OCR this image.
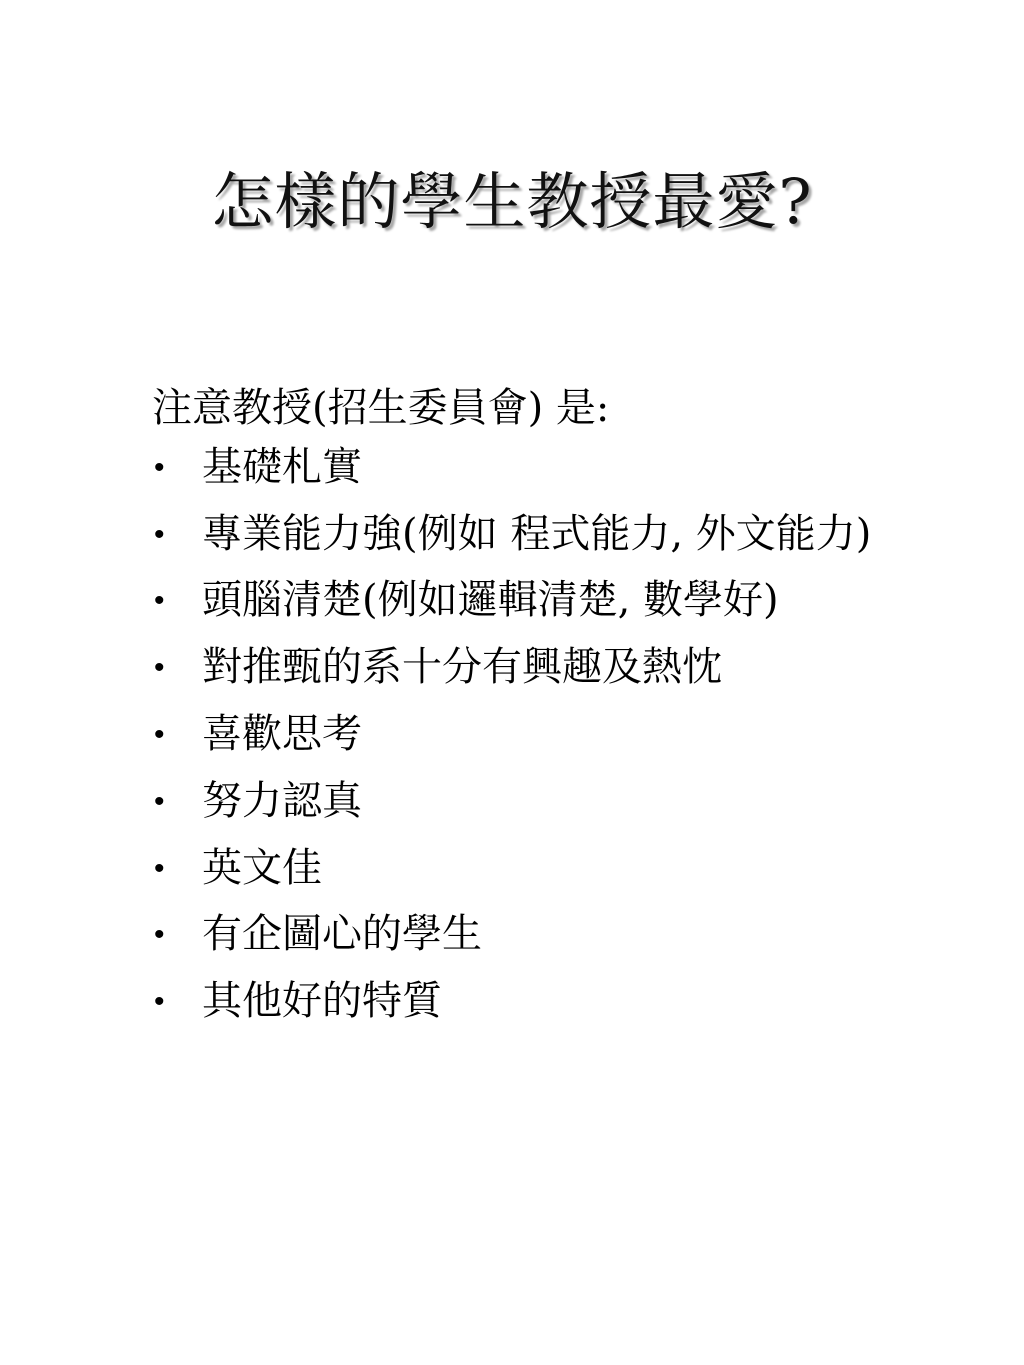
怎樣的學生教授最愛?

注意教授(招生委員會) 是:

• 基礎札實
• 專業能力強(例如 程式能力, 外文能力)
• 頭腦清楚(例如邏輯清楚, 數學好)
• 對推甄的系十分有興趣及熱忱
• 喜歡思考
• 努力認真
• 英文佳
• 有企圖心的學生
• 其他好的特質
